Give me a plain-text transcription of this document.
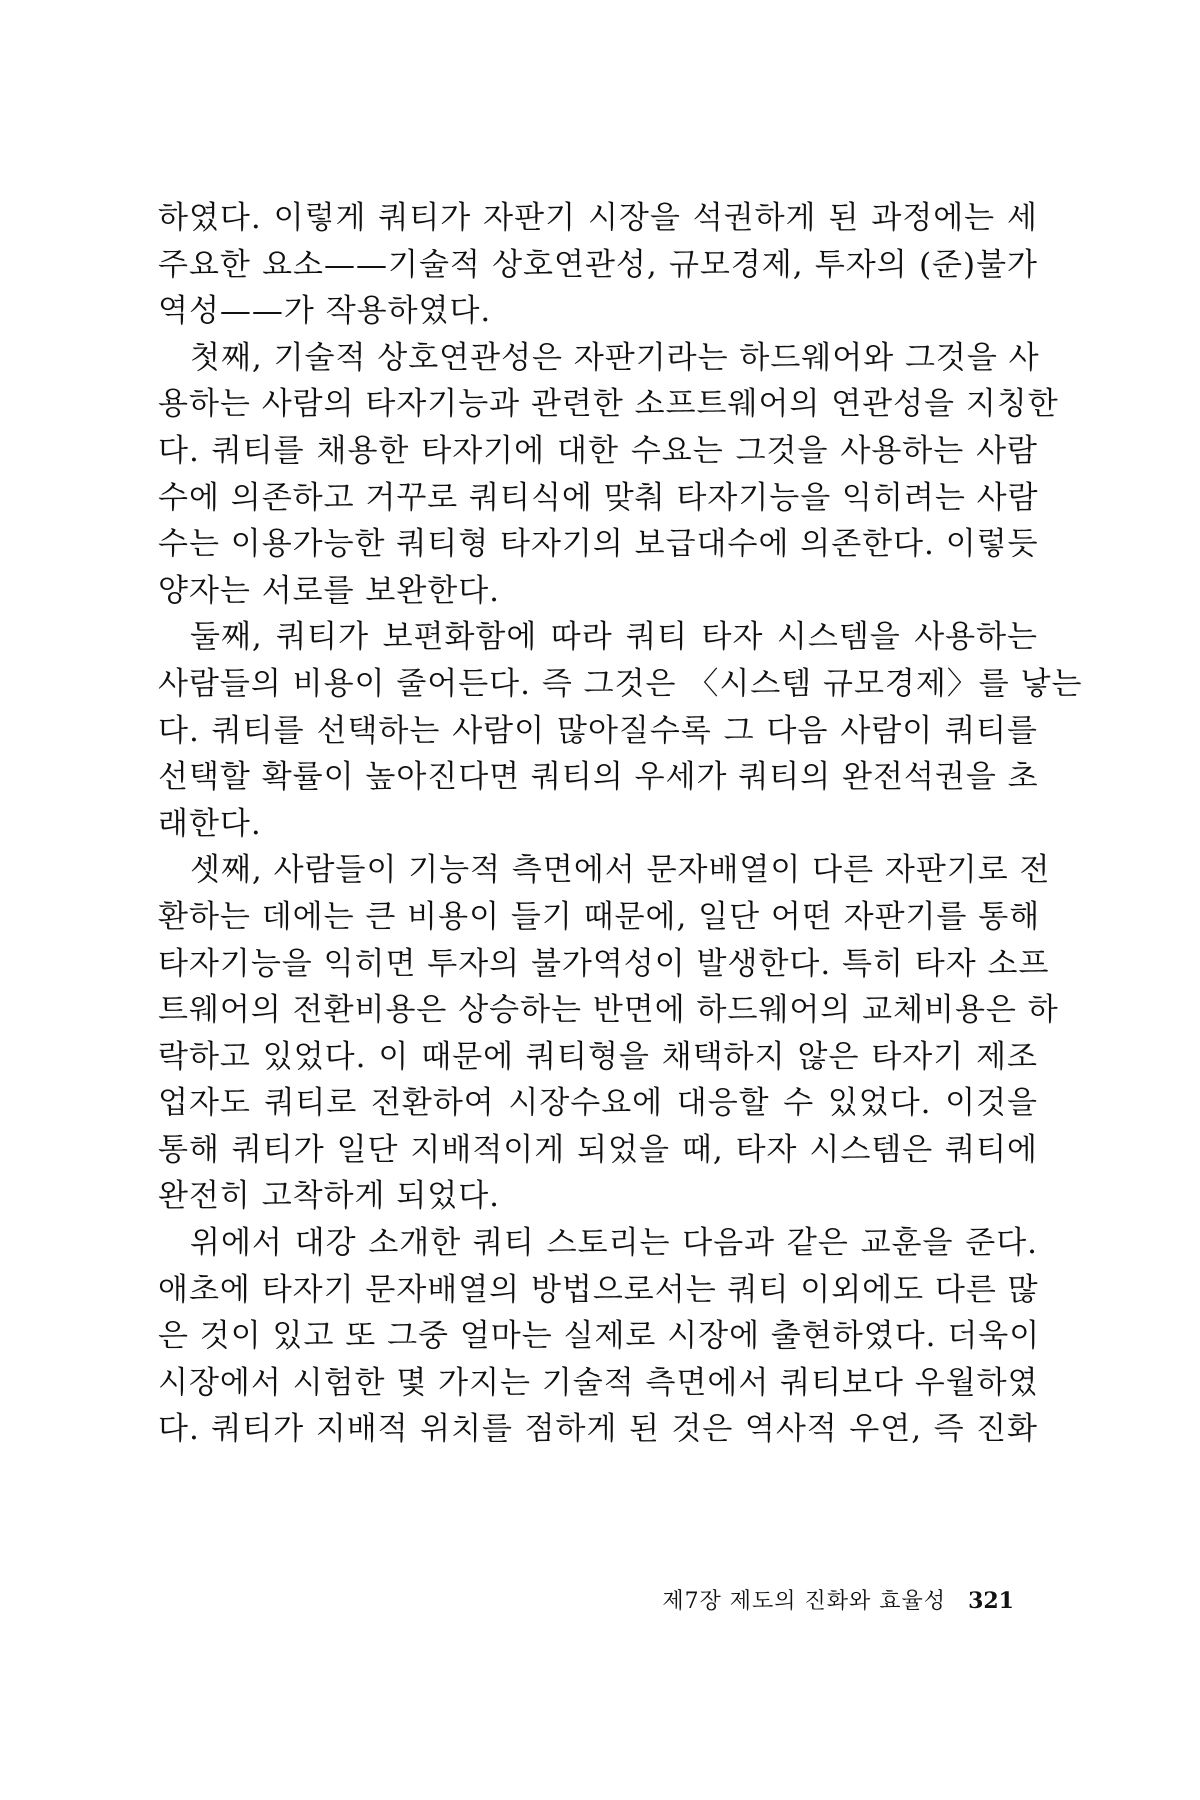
하였다. 이렇게 쿼티가 자판기 시장을 석권하게 된 과정에는 세
주요한 요소——기술적 상호연관성, 규모경제, 투자의 (준)불가
역성——가 작용하였다.
첫째, 기술적 상호연관성은 자판기라는 하드웨어와 그것을 사
용하는 사람의 타자기능과 관련한 소프트웨어의 연관성을 지칭한
다. 쿼티를 채용한 타자기에 대한 수요는 그것을 사용하는 사람
수에 의존하고 거꾸로 쿼티식에 맞춰 타자기능을 익히려는 사람
수는 이용가능한 쿼티형 타자기의 보급대수에 의존한다. 이렇듯
양자는 서로를 보완한다.
둘째, 쿼티가 보편화함에 따라 쿼티 타자 시스템을 사용하는
사람들의 비용이 줄어든다. 즉 그것은 〈시스템 규모경제〉를 낳는
다. 쿼티를 선택하는 사람이 많아질수록 그 다음 사람이 쿼티를
선택할 확률이 높아진다면 쿼티의 우세가 쿼티의 완전석권을 초
래한다.
셋째, 사람들이 기능적 측면에서 문자배열이 다른 자판기로 전
환하는 데에는 큰 비용이 들기 때문에, 일단 어떤 자판기를 통해
타자기능을 익히면 투자의 불가역성이 발생한다. 특히 타자 소프
트웨어의 전환비용은 상승하는 반면에 하드웨어의 교체비용은 하
락하고 있었다. 이 때문에 쿼티형을 채택하지 않은 타자기 제조
업자도 쿼티로 전환하여 시장수요에 대응할 수 있었다. 이것을
통해 쿼티가 일단 지배적이게 되었을 때, 타자 시스템은 쿼티에
완전히 고착하게 되었다.
위에서 대강 소개한 쿼티 스토리는 다음과 같은 교훈을 준다.
애초에 타자기 문자배열의 방법으로서는 쿼티 이외에도 다른 많
은 것이 있고 또 그중 얼마는 실제로 시장에 출현하였다. 더욱이
시장에서 시험한 몇 가지는 기술적 측면에서 쿼티보다 우월하였
다. 쿼티가 지배적 위치를 점하게 된 것은 역사적 우연, 즉 진화
제7장 제도의 진화와 효율성 321
